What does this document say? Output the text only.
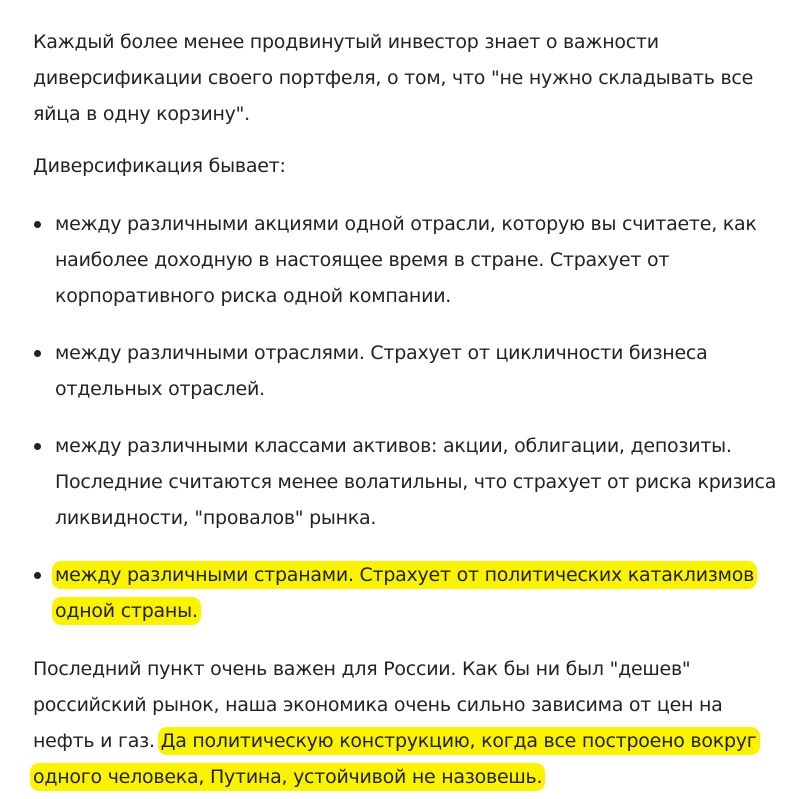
Каждый более менее продвинутый инвестор знает о важности диверсификации своего портфеля, о том, что "не нужно складывать все яйца в одну корзину".

Диверсификация бывает:

между различными акциями одной отрасли, которую вы считаете, как наиболее доходную в настоящее время в стране. Страхует от корпоративного риска одной компании.
между различными отраслями. Страхует от цикличности бизнеса отдельных отраслей.
между различными классами активов: акции, облигации, депозиты. Последние считаются менее волатильны, что страхует от риска кризиса ликвидности, "провалов" рынка.
между различными странами. Страхует от политических катаклизмов одной страны.

Последний пункт очень важен для России. Как бы ни был "дешев" российский рынок, наша экономика очень сильно зависима от цен на нефть и газ. Да политическую конструкцию, когда все построено вокруг одного человека, Путина, устойчивой не назовешь.
